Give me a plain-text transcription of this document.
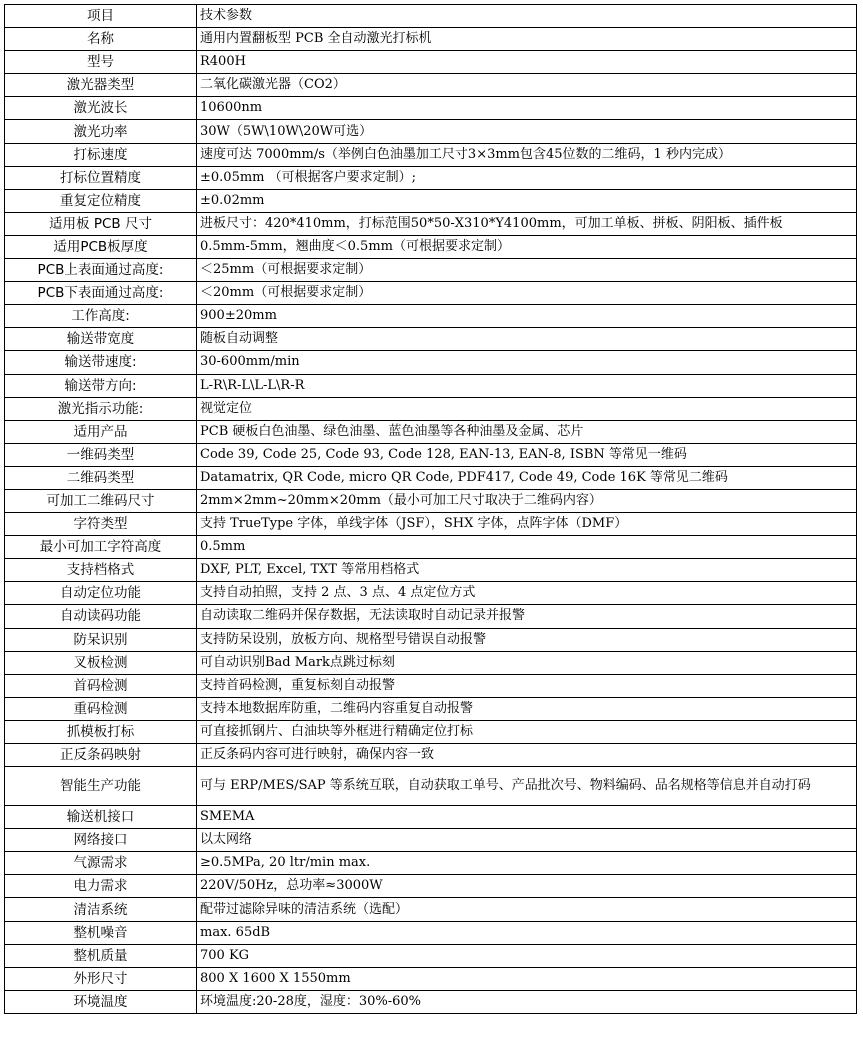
项目	技术参数
名称	通用内置翻板型 PCB 全自动激光打标机
型号	R400H
激光器类型	二氧化碳激光器（CO2）
激光波长	10600nm
激光功率	30W（5W\10W\20W可选）
打标速度	速度可达 7000mm/s（举例白色油墨加工尺寸3×3mm包含45位数的二维码，1 秒内完成）
打标位置精度	±0.05mm （可根据客户要求定制）;
重复定位精度	±0.02mm
适用板 PCB 尺寸	进板尺寸：420*410mm，打标范围50*50-X310*Y4100mm，可加工单板、拼板、阴阳板、插件板
适用PCB板厚度	0.5mm-5mm，翘曲度＜0.5mm（可根据要求定制）
PCB上表面通过高度:	＜25mm（可根据要求定制）
PCB下表面通过高度:	＜20mm（可根据要求定制）
工作高度:	900±20mm
输送带宽度	随板自动调整
输送带速度:	30-600mm/min
输送带方向:	L-R\R-L\L-L\R-R
激光指示功能:	视觉定位
适用产品	PCB 硬板白色油墨、绿色油墨、蓝色油墨等各种油墨及金属、芯片
一维码类型	Code 39, Code 25, Code 93, Code 128, EAN-13, EAN-8, ISBN 等常见一维码
二维码类型	Datamatrix, QR Code, micro QR Code, PDF417, Code 49, Code 16K 等常见二维码
可加工二维码尺寸	2mm×2mm~20mm×20mm（最小可加工尺寸取决于二维码内容）
字符类型	支持 TrueType 字体，单线字体（JSF），SHX 字体，点阵字体（DMF）
最小可加工字符高度	0.5mm
支持档格式	DXF, PLT, Excel, TXT 等常用档格式
自动定位功能	支持自动拍照，支持 2 点、3 点、4 点定位方式
自动读码功能	自动读取二维码并保存数据，无法读取时自动记录并报警
防呆识别	支持防呆设别，放板方向、规格型号错误自动报警
叉板检测	可自动识别Bad Mark点跳过标刻
首码检测	支持首码检测，重复标刻自动报警
重码检测	支持本地数据库防重，二维码内容重复自动报警
抓模板打标	可直接抓钢片、白油块等外框进行精确定位打标
正反条码映射	正反条码内容可进行映射，确保内容一致
智能生产功能	可与 ERP/MES/SAP 等系统互联，自动获取工单号、产品批次号、物料编码、品名规格等信息并自动打码
输送机接口	SMEMA
网络接口	以太网络
气源需求	≥0.5MPa, 20 ltr/min max.
电力需求	220V/50Hz，总功率≈3000W
清洁系统	配带过滤除异味的清洁系统（选配）
整机噪音	max. 65dB
整机质量	700 KG
外形尺寸	800 X 1600 X 1550mm
环境温度	环境温度:20-28度，湿度：30%-60%
